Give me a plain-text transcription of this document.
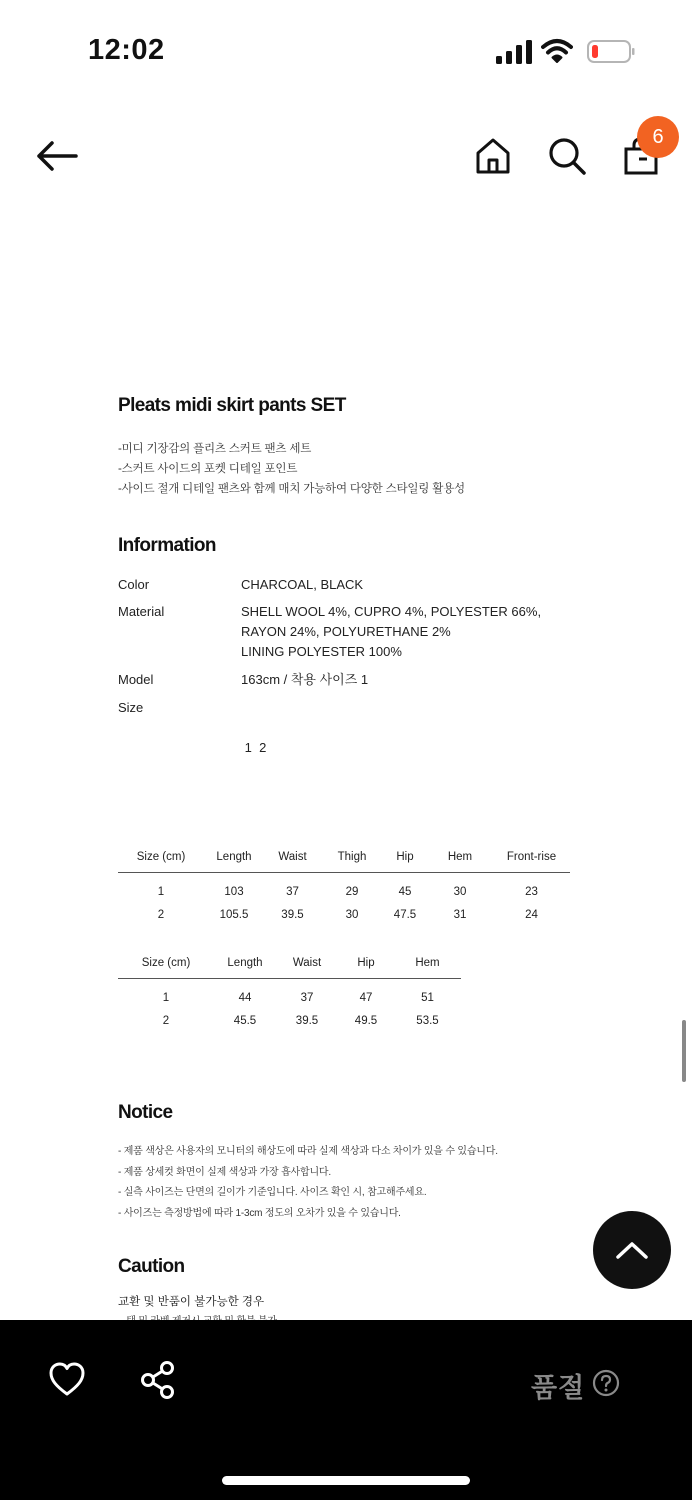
12:02
6
Pleats midi skirt pants SET
-미디 기장감의 플리츠 스커트 팬츠 세트
-스커트 사이드의 포켓 디테일 포인트
-사이드 절개 디테일 팬츠와 함께 매치 가능하여 다양한 스타일링 활용성
Information
Color	CHARCOAL, BLACK
Material	SHELL WOOL 4%, CUPRO 4%, POLYESTER 66%,
RAYON 24%, POLYURETHANE 2%
LINING POLYESTER 100%
Model	163cm / 착용 사이즈 1
Size

1  2

Size (cm)	Length	Waist	Thigh	Hip	Hem	Front-rise
1	103	37	29	45	30	23
2	105.5	39.5	30	47.5	31	24
Size (cm)	Length	Waist	Hip	Hem
1	44	37	47	51
2	45.5	39.5	49.5	53.5
Notice
- 제품 색상은 사용자의 모니터의 해상도에 따라 실제 색상과 다소 차이가 있을 수 있습니다.
- 제품 상세컷 화면이 실제 색상과 가장 흡사합니다.
- 실측 사이즈는 단면의 길이가 기준입니다. 사이즈 확인 시, 참고해주세요.
- 사이즈는 측정방법에 따라 1-3cm 정도의 오차가 있을 수 있습니다.
Caution
교환 및 반품이 불가능한 경우
품절
